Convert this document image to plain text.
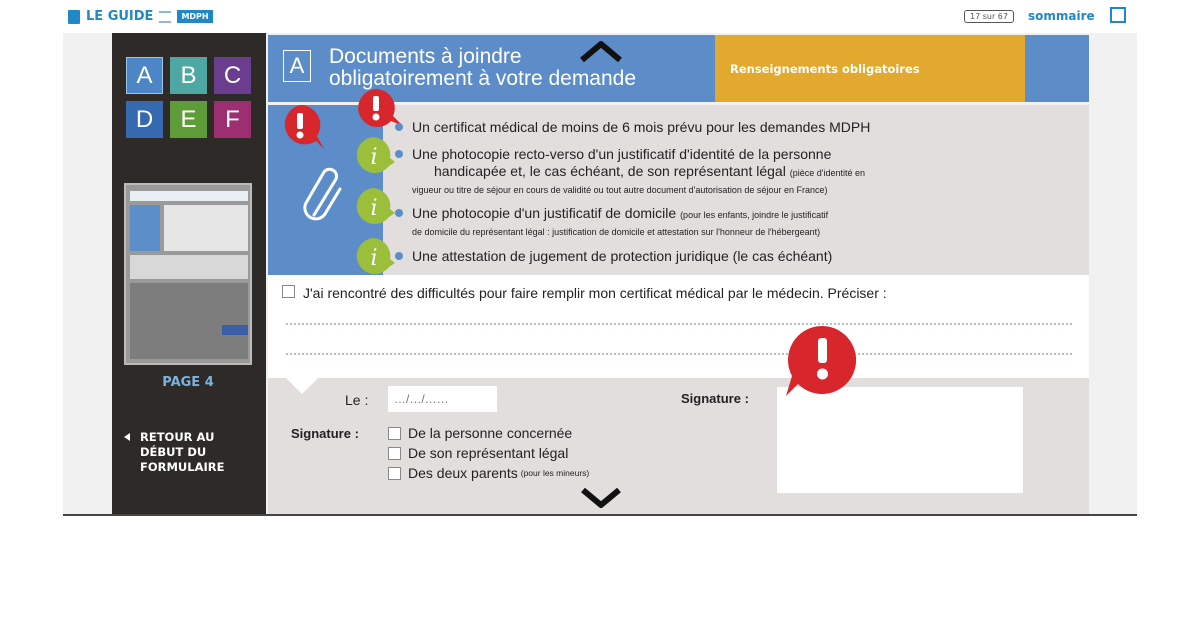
LE GUIDE	MDPH	17 sur 67	sommaire
A	B	C
D	E	F
PAGE 4
RETOUR AU
DÉBUT DU
FORMULAIRE
A	Documents à joindre
obligatoirement à votre demande	Renseignements obligatoires
i
i
i
Un certificat médical de moins de 6 mois prévu pour les demandes MDPH
Une photocopie recto-verso d'un justificatif d'identité de la personne
handicapée et, le cas échéant, de son représentant légal (pièce d'identité en
vigueur ou titre de séjour en cours de validité ou tout autre document d'autorisation de séjour en France)
Une photocopie d'un justificatif de domicile (pour les enfants, joindre le justificatif
de domicile du représentant légal : justification de domicile et attestation sur l'honneur de l'hébergeant)
Une attestation de jugement de protection juridique (le cas échéant)
J'ai rencontré des difficultés pour faire remplir mon certificat médical par le médecin. Préciser :
Le :
…/…/……
Signature :	De la personne concernée
De son représentant légal
Des deux parents (pour les mineurs)
Signature :
